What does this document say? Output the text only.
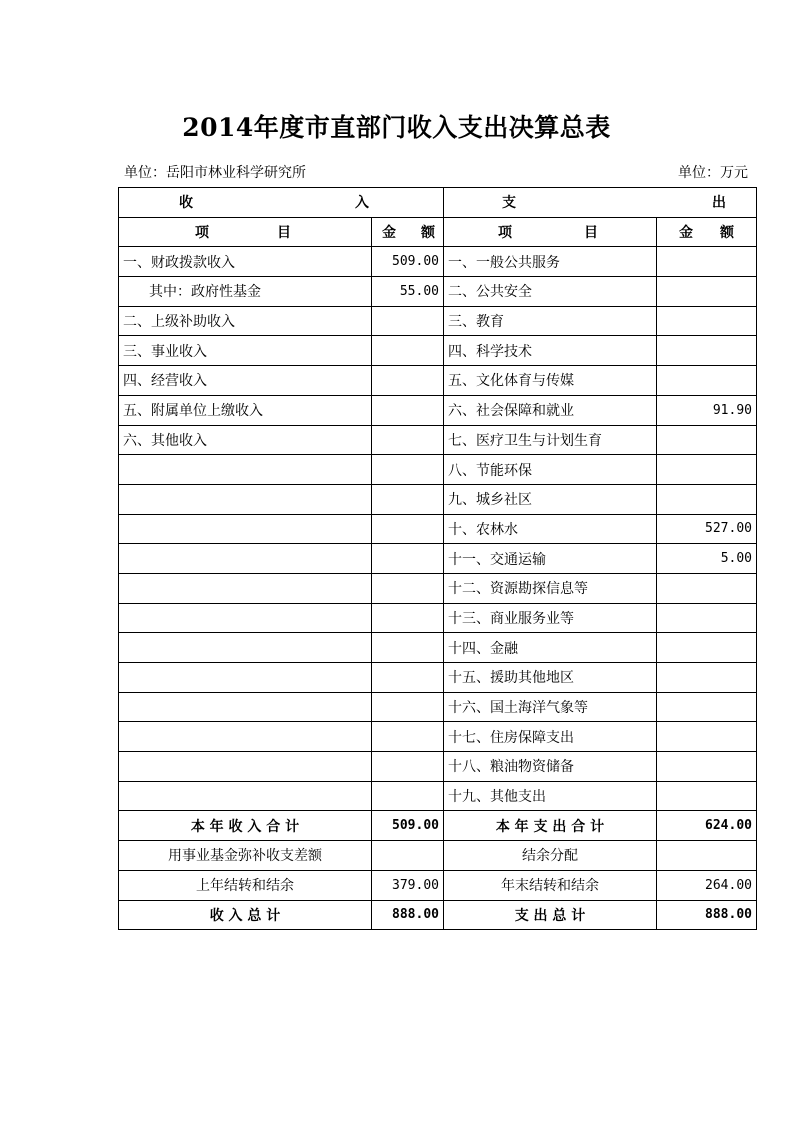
2014年度市直部门收入支出决算总表
单位：岳阳市林业科学研究所	单位：万元
收 入		支 出	

项 目	金 额	项 目	金 额

一、财政拨款收入	509.00	一、一般公共服务	
其中：政府性基金	55.00	二、公共安全	
二、上级补助收入		三、教育	
三、事业收入		四、科学技术	
四、经营收入		五、文化体育与传媒	
五、附属单位上缴收入		六、社会保障和就业	91.90
六、其他收入		七、医疗卫生与计划生育	
		八、节能环保	
		九、城乡社区	
		十、农林水	527.00
		十一、交通运输	5.00
		十二、资源勘探信息等	
		十三、商业服务业等	
		十四、金融	
		十五、援助其他地区	
		十六、国土海洋气象等	
		十七、住房保障支出	
		十八、粮油物资储备	
		十九、其他支出	
本 年 收 入 合 计	509.00	本 年 支 出 合 计	624.00
用事业基金弥补收支差额		结余分配	
上年结转和结余	379.00	年末结转和结余	264.00
收 入 总 计	888.00	支 出 总 计	888.00
